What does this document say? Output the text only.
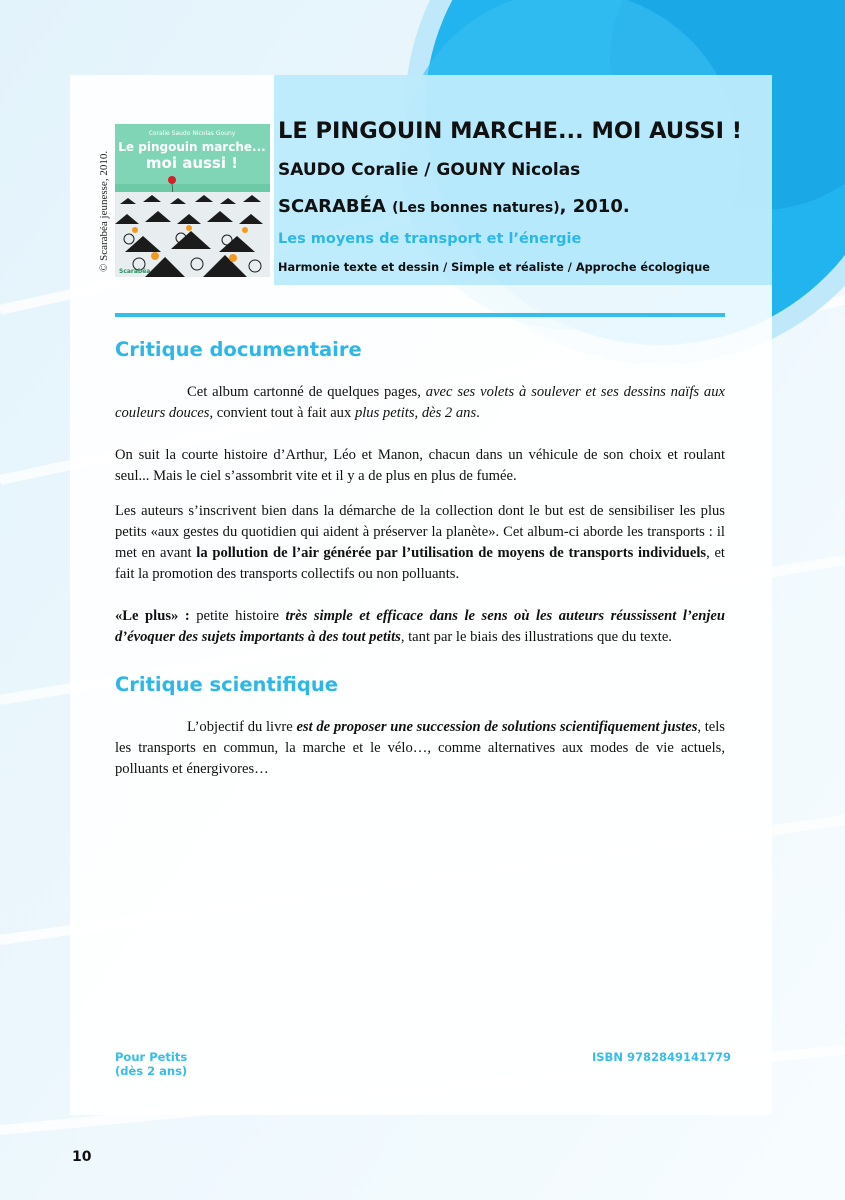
Coralie Saudo Nicolas Gouny
Le pingouin marche...
moi aussi !
Scarabéa
© Scarabéa jeunesse, 2010.
LE PINGOUIN MARCHE... MOI AUSSI !
SAUDO Coralie / GOUNY Nicolas
SCARABÉA (Les bonnes natures), 2010.
Les moyens de transport et l’énergie
Harmonie texte et dessin / Simple et réaliste / Approche écologique
Critique documentaire

Cet album cartonné de quelques pages, avec ses volets à soulever et ses dessins naïfs aux couleurs douces, convient tout à fait aux plus petits, dès 2 ans.

On suit la courte histoire d’Arthur, Léo et Manon, chacun dans un véhicule de son choix et roulant seul... Mais le ciel s’assombrit vite et il y a de plus en plus de fumée.

Les auteurs s’inscrivent bien dans la démarche de la collection dont le but est de sensibiliser les plus petits «aux gestes du quotidien qui aident à préserver la planète». Cet album-ci aborde les transports : il met en avant la pollution de l’air générée par l’utilisation de moyens de transports individuels, et fait la promotion des transports collectifs ou non polluants.

«Le plus» : petite histoire très simple et efficace dans le sens où les auteurs réussissent l’enjeu d’évoquer des sujets importants à des tout petits, tant par le biais des illustrations que du texte.

Critique scientifique

L’objectif du livre est de proposer une succession de solutions scientifiquement justes, tels les transports en commun, la marche et le vélo…, comme alternatives aux modes de vie actuels, polluants et énergivores…

Pour Petits
(dès 2 ans)
ISBN 9782849141779
10
